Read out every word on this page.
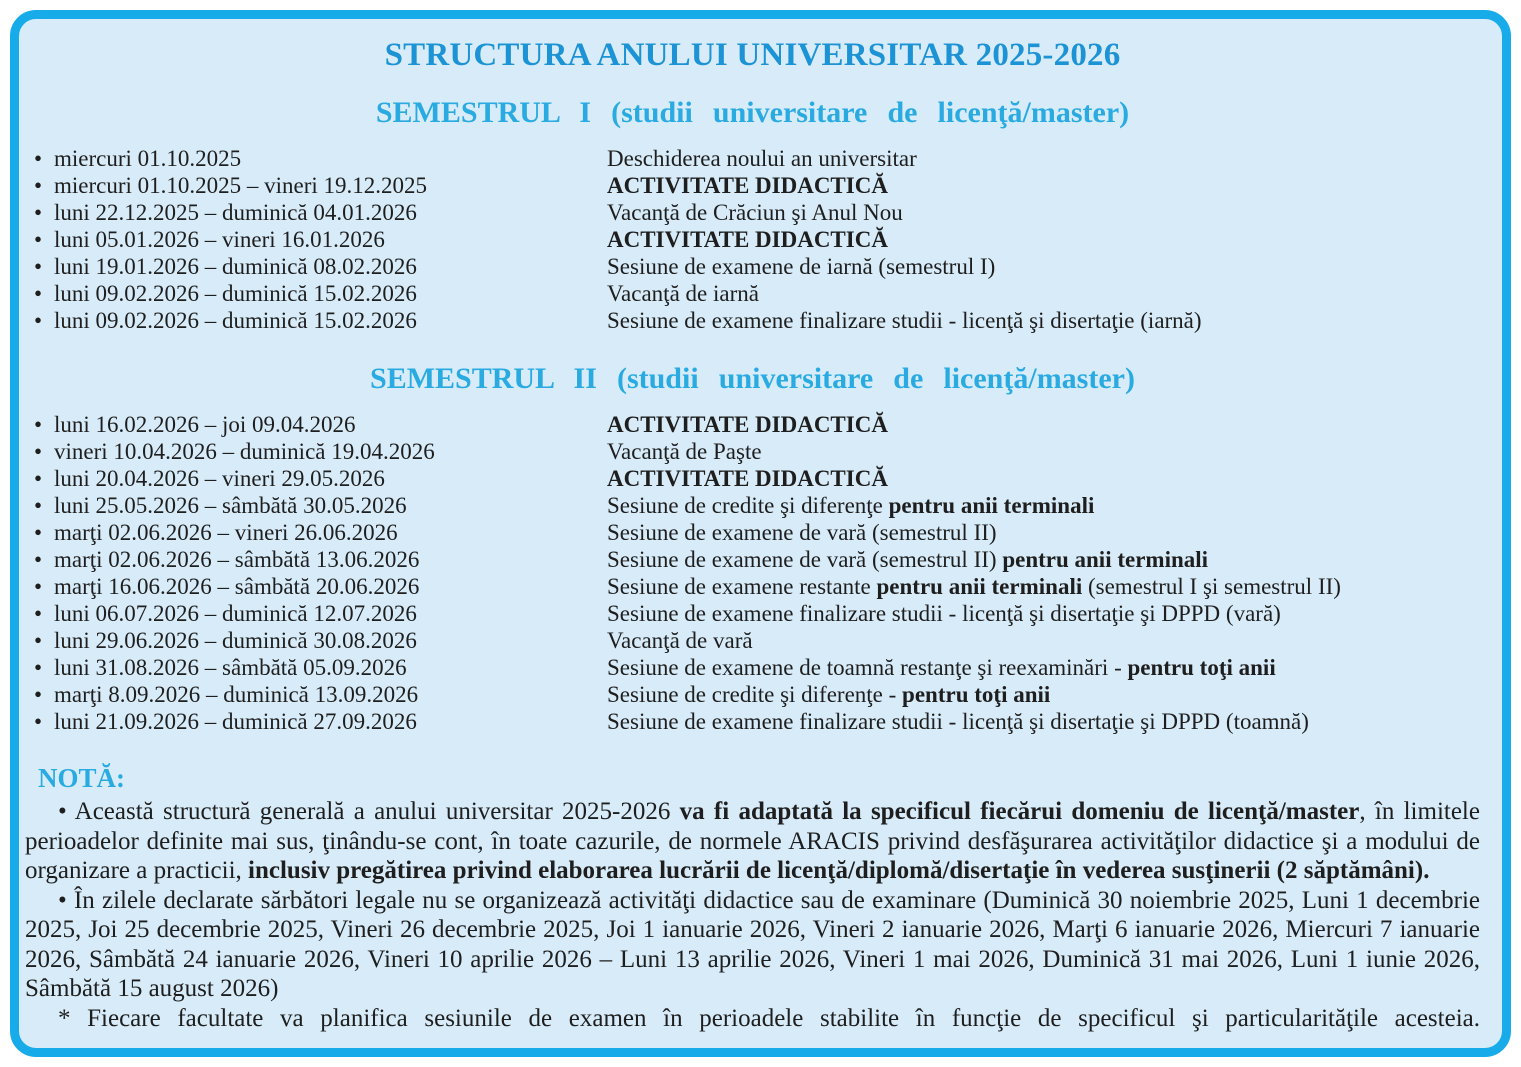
STRUCTURA ANULUI UNIVERSITAR 2025-2026
SEMESTRUL I (studii universitare de licenţă/master)
• miercuri 01.10.2025	Deschiderea noului an universitar
• miercuri 01.10.2025 – vineri 19.12.2025	ACTIVITATE DIDACTICĂ
• luni 22.12.2025 – duminică 04.01.2026	Vacanţă de Crăciun şi Anul Nou
• luni 05.01.2026 – vineri 16.01.2026	ACTIVITATE DIDACTICĂ
• luni 19.01.2026 – duminică 08.02.2026	Sesiune de examene de iarnă (semestrul I)
• luni 09.02.2026 – duminică 15.02.2026	Vacanţă de iarnă
• luni 09.02.2026 – duminică 15.02.2026	Sesiune de examene finalizare studii - licenţă şi disertaţie (iarnă)
SEMESTRUL II (studii universitare de licenţă/master)
• luni 16.02.2026 – joi 09.04.2026	ACTIVITATE DIDACTICĂ
• vineri 10.04.2026 – duminică 19.04.2026	Vacanţă de Paşte
• luni 20.04.2026 – vineri 29.05.2026	ACTIVITATE DIDACTICĂ
• luni 25.05.2026 – sâmbătă 30.05.2026	Sesiune de credite şi diferenţe pentru anii terminali
• marţi 02.06.2026 – vineri 26.06.2026	Sesiune de examene de vară (semestrul II)
• marţi 02.06.2026 – sâmbătă 13.06.2026	Sesiune de examene de vară (semestrul II) pentru anii terminali
• marţi 16.06.2026 – sâmbătă 20.06.2026	Sesiune de examene restante pentru anii terminali (semestrul I şi semestrul II)
• luni 06.07.2026 – duminică 12.07.2026	Sesiune de examene finalizare studii - licenţă şi disertaţie şi DPPD (vară)
• luni 29.06.2026 – duminică 30.08.2026	Vacanţă de vară
• luni 31.08.2026 – sâmbătă 05.09.2026	Sesiune de examene de toamnă restanţe şi reexaminări - pentru toţi anii
• marţi 8.09.2026 – duminică 13.09.2026	Sesiune de credite şi diferenţe - pentru toţi anii
• luni 21.09.2026 – duminică 27.09.2026	Sesiune de examene finalizare studii - licenţă şi disertaţie şi DPPD (toamnă)
NOTĂ:

• Această structură generală a anului universitar 2025-2026 va fi adaptată la specificul fiecărui domeniu de licenţă/master, în limitele perioadelor definite mai sus, ţinându-se cont, în toate cazurile, de normele ARACIS privind desfăşurarea activităţilor didactice şi a modului de organizare a practicii, inclusiv pregătirea privind elaborarea lucrării de licenţă/diplomă/disertaţie în vederea susţinerii (2 săptămâni).

• În zilele declarate sărbători legale nu se organizează activităţi didactice sau de examinare (Duminică 30 noiembrie 2025, Luni 1 decembrie 2025, Joi 25 decembrie 2025, Vineri 26 decembrie 2025, Joi 1 ianuarie 2026, Vineri 2 ianuarie 2026, Marţi 6 ianuarie 2026, Miercuri 7 ianuarie 2026, Sâmbătă 24 ianuarie 2026, Vineri 10 aprilie 2026 – Luni 13 aprilie 2026, Vineri 1 mai 2026, Duminică 31 mai 2026, Luni 1 iunie 2026, Sâmbătă 15 august 2026)

* Fiecare facultate va planifica sesiunile de examen în perioadele stabilite în funcţie de specificul şi particularităţile acesteia.
